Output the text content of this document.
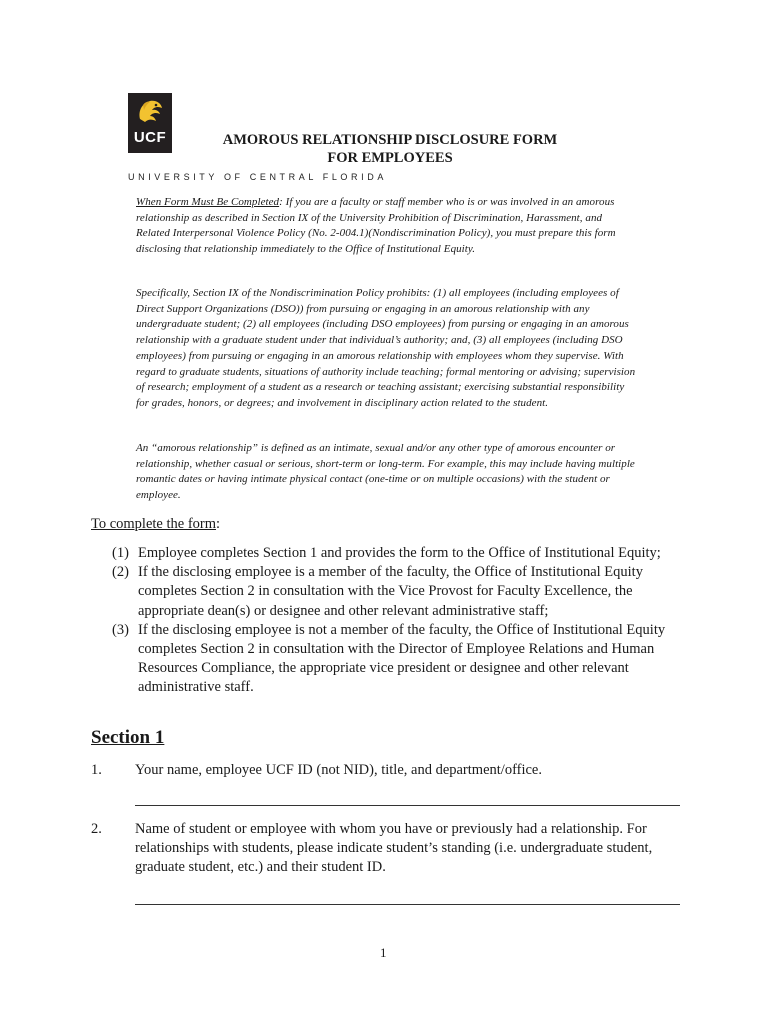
UCF
UNIVERSITY OF CENTRAL FLORIDA
AMOROUS RELATIONSHIP DISCLOSURE FORM
FOR EMPLOYEES

When Form Must Be Completed: If you are a faculty or staff member who is or was involved in an amorous relationship as described in Section IX of the University Prohibition of Discrimination, Harassment, and Related Interpersonal Violence Policy (No. 2-004.1)(Nondiscrimination Policy), you must prepare this form disclosing that relationship immediately to the Office of Institutional Equity.

Specifically, Section IX of the Nondiscrimination Policy prohibits: (1) all employees (including employees of Direct Support Organizations (DSO)) from pursuing or engaging in an amorous relationship with any undergraduate student; (2) all employees (including DSO employees) from pursing or engaging in an amorous relationship with a graduate student under that individual’s authority; and, (3) all employees (including DSO employees) from pursuing or engaging in an amorous relationship with employees whom they supervise. With regard to graduate students, situations of authority include teaching; formal mentoring or advising; supervision of research; employment of a student as a research or teaching assistant; exercising substantial responsibility for grades, honors, or degrees; and involvement in disciplinary action related to the student.

An “amorous relationship” is defined as an intimate, sexual and/or any other type of amorous encounter or relationship, whether casual or serious, short-term or long-term. For example, this may include having multiple romantic dates or having intimate physical contact (one-time or on multiple occasions) with the student or employee.

To complete the form:

(1) Employee completes Section 1 and provides the form to the Office of Institutional Equity;
(2) If the disclosing employee is a member of the faculty, the Office of Institutional Equity completes Section 2 in consultation with the Vice Provost for Faculty Excellence, the appropriate dean(s) or designee and other relevant administrative staff;
(3) If the disclosing employee is not a member of the faculty, the Office of Institutional Equity completes Section 2 in consultation with the Director of Employee Relations and Human Resources Compliance, the appropriate vice president or designee and other relevant administrative staff.
Section 1
1. Your name, employee UCF ID (not NID), title, and department/office.
2. Name of student or employee with whom you have or previously had a relationship. For relationships with students, please indicate student’s standing (i.e. undergraduate student, graduate student, etc.) and their student ID.
1
